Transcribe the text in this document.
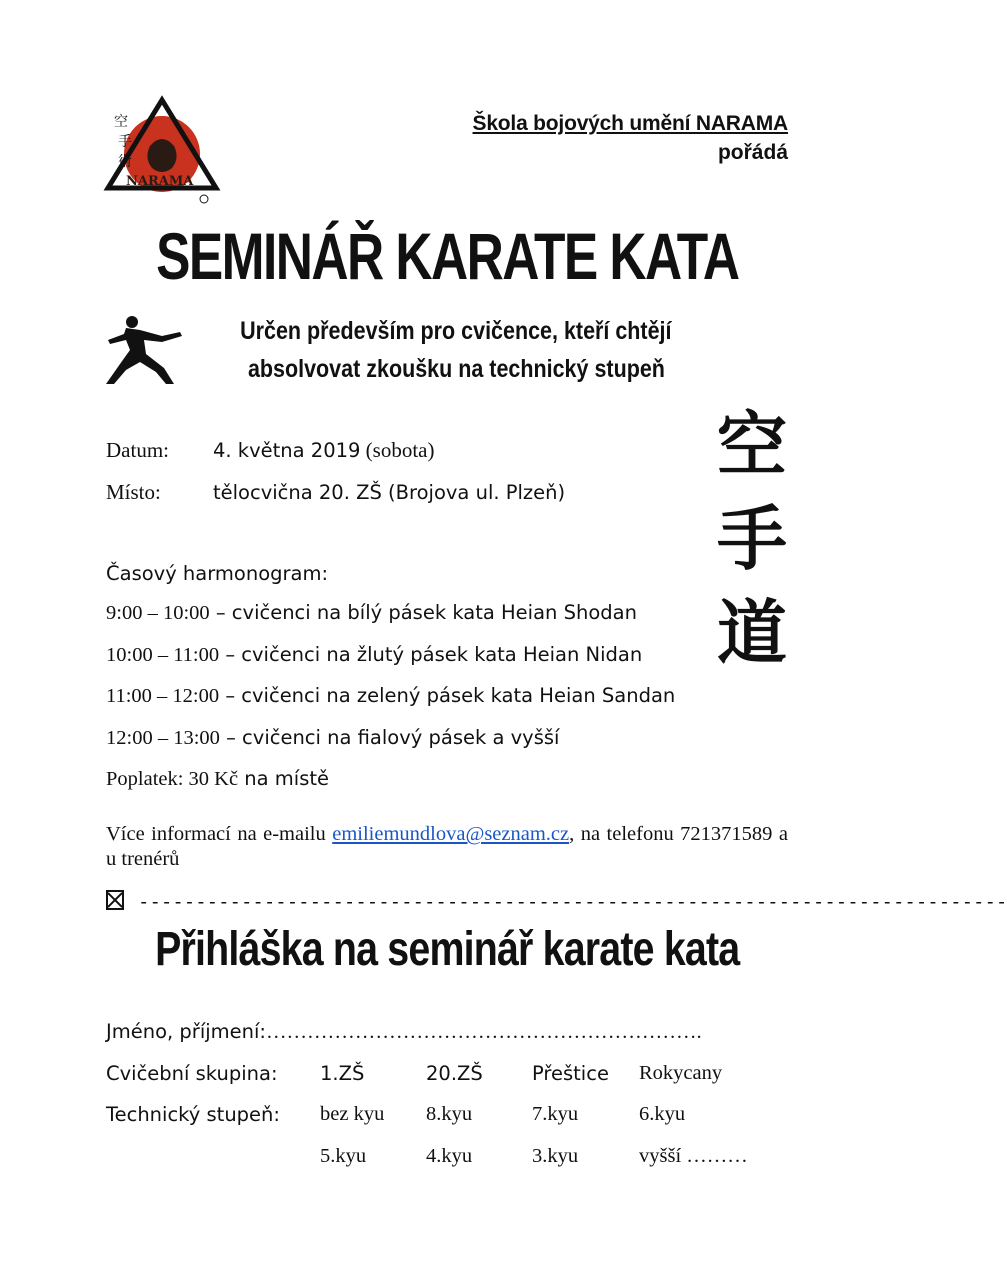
空
手
術
NARAMA
Škola bojových umění NARAMA
pořádá
SEMINÁŘ KARATE KATA
Určen především pro cvičence, kteří chtějí
absolvovat zkoušku na technický stupeň
空
手
道
Datum: 4. května 2019 (sobota)
Místo:	tělocvična 20. ZŠ (Brojova ul. Plzeň)
Časový harmonogram:
9:00 – 10:00 – cvičenci na bílý pásek kata Heian Shodan
10:00 – 11:00 – cvičenci na žlutý pásek kata Heian Nidan
11:00 – 12:00 – cvičenci na zelený pásek kata Heian Sandan
12:00 – 13:00 – cvičenci na fialový pásek a vyšší
Poplatek: 30 Kč na místě
Více informací na e-mailu emiliemundlova@seznam.cz, na telefonu 721371589 a u trenérů
----------------------------------------------------------------------------
Přihláška na seminář karate kata
Jméno, příjmení:……………………………………………………….
Cvičební skupina: 1.ZŠ	20.ZŠ	Přeštice Rokycany
Technický stupeň: bez kyu 8.kyu	7.kyu	6.kyu
5.kyu	4.kyu	3.kyu	vyšší ………
